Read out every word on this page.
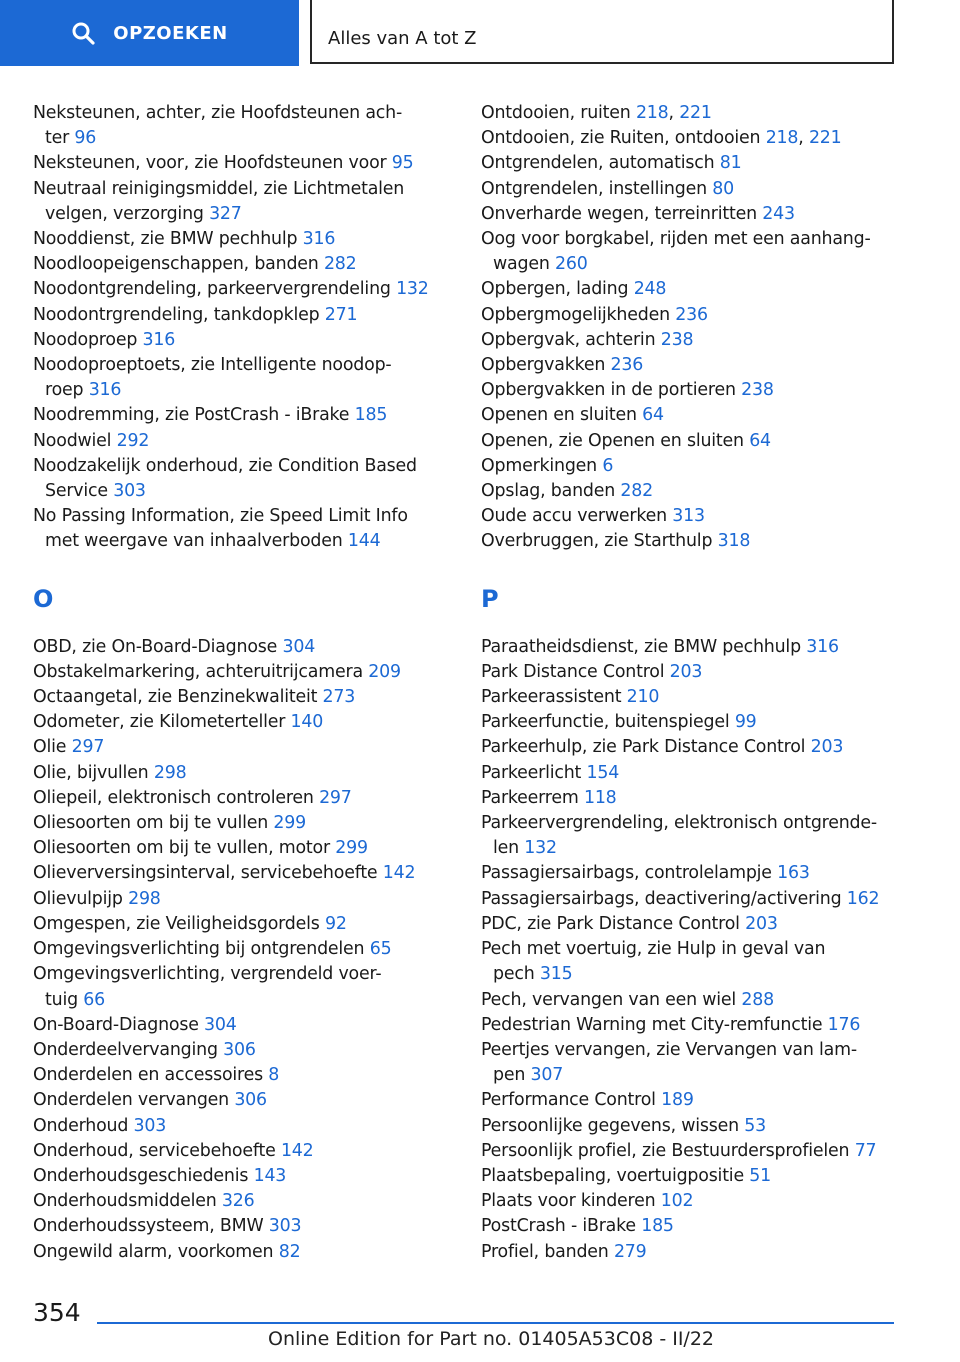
OPZOEKEN	Alles van A tot Z
Neksteunen, achter, zie Hoofdsteunen ach-
ter 96
Neksteunen, voor, zie Hoofdsteunen voor 95
Neutraal reinigingsmiddel, zie Lichtmetalen
velgen, verzorging 327
Nooddienst, zie BMW pechhulp 316
Noodloopeigenschappen, banden 282
Noodontgrendeling, parkeervergrendeling 132
Noodontrgrendeling, tankdopklep 271
Noodoproep 316
Noodoproeptoets, zie Intelligente noodop-
roep 316
Noodremming, zie PostCrash - iBrake 185
Noodwiel 292
Noodzakelijk onderhoud, zie Condition Based
Service 303
No Passing Information, zie Speed Limit Info
met weergave van inhaalverboden 144
O
OBD, zie On-Board-Diagnose 304
Obstakelmarkering, achteruitrijcamera 209
Octaangetal, zie Benzinekwaliteit 273
Odometer, zie Kilometerteller 140
Olie 297
Olie, bijvullen 298
Oliepeil, elektronisch controleren 297
Oliesoorten om bij te vullen 299
Oliesoorten om bij te vullen, motor 299
Olieverversingsinterval, servicebehoefte 142
Olievulpijp 298
Omgespen, zie Veiligheidsgordels 92
Omgevingsverlichting bij ontgrendelen 65
Omgevingsverlichting, vergrendeld voer-
tuig 66
On-Board-Diagnose 304
Onderdeelvervanging 306
Onderdelen en accessoires 8
Onderdelen vervangen 306
Onderhoud 303
Onderhoud, servicebehoefte 142
Onderhoudsgeschiedenis 143
Onderhoudsmiddelen 326
Onderhoudssysteem, BMW 303
Ongewild alarm, voorkomen 82
Ontdooien, ruiten 218, 221
Ontdooien, zie Ruiten, ontdooien 218, 221
Ontgrendelen, automatisch 81
Ontgrendelen, instellingen 80
Onverharde wegen, terreinritten 243
Oog voor borgkabel, rijden met een aanhang-
wagen 260
Opbergen, lading 248
Opbergmogelijkheden 236
Opbergvak, achterin 238
Opbergvakken 236
Opbergvakken in de portieren 238
Openen en sluiten 64
Openen, zie Openen en sluiten 64
Opmerkingen 6
Opslag, banden 282
Oude accu verwerken 313
Overbruggen, zie Starthulp 318
P
Paraatheidsdienst, zie BMW pechhulp 316
Park Distance Control 203
Parkeerassistent 210
Parkeerfunctie, buitenspiegel 99
Parkeerhulp, zie Park Distance Control 203
Parkeerlicht 154
Parkeerrem 118
Parkeervergrendeling, elektronisch ontgrende-
len 132
Passagiersairbags, controlelampje 163
Passagiersairbags, deactivering/activering 162
PDC, zie Park Distance Control 203
Pech met voertuig, zie Hulp in geval van
pech 315
Pech, vervangen van een wiel 288
Pedestrian Warning met City-remfunctie 176
Peertjes vervangen, zie Vervangen van lam-
pen 307
Performance Control 189
Persoonlijke gegevens, wissen 53
Persoonlijk profiel, zie Bestuurdersprofielen 77
Plaatsbepaling, voertuigpositie 51
Plaats voor kinderen 102
PostCrash - iBrake 185
Profiel, banden 279
354
Online Edition for Part no. 01405A53C08 - II/22
